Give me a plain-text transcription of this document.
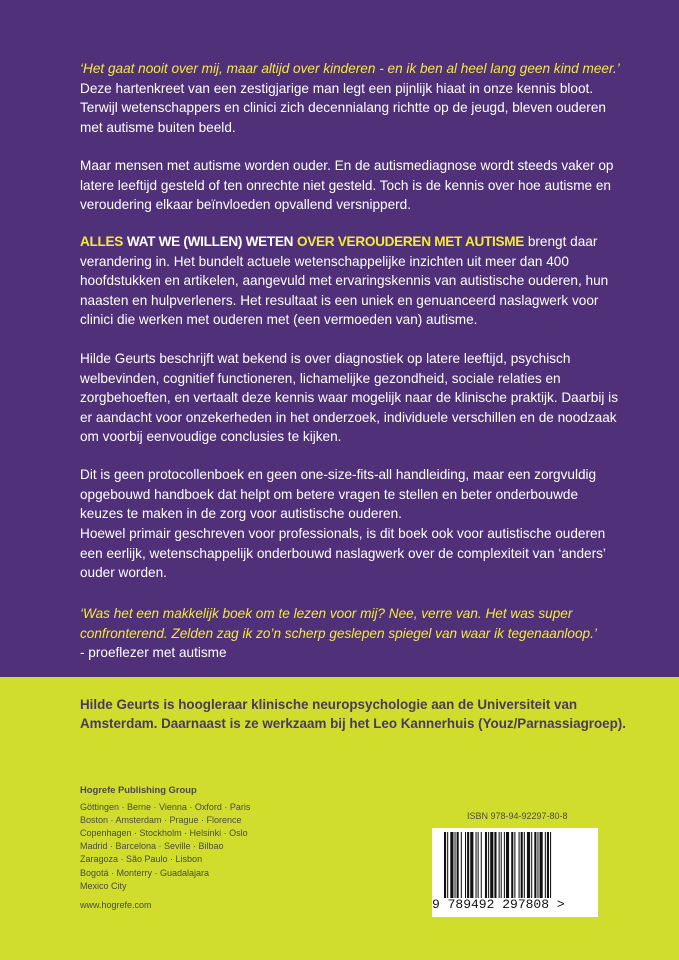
‘Het gaat nooit over mij, maar altijd over kinderen - en ik ben al heel lang geen kind meer.’
Deze hartenkreet van een zestigjarige man legt een pijnlijk hiaat in onze kennis bloot. Terwijl wetenschappers en clinici zich decennialang richtte op de jeugd, bleven ouderen met autisme buiten beeld.

Maar mensen met autisme worden ouder. En de autismediagnose wordt steeds vaker op latere leeftijd gesteld of ten onrechte niet gesteld. Toch is de kennis over hoe autisme en veroudering elkaar beïnvloeden opvallend versnipperd.

ALLES WAT WE (WILLEN) WETEN OVER VEROUDEREN MET AUTISME brengt daar verandering in. Het bundelt actuele wetenschappelijke inzichten uit meer dan 400 hoofdstukken en artikelen, aangevuld met ervaringskennis van autistische ouderen, hun naasten en hulpverleners. Het resultaat is een uniek en genuanceerd naslagwerk voor clinici die werken met ouderen met (een vermoeden van) autisme.

Hilde Geurts beschrijft wat bekend is over diagnostiek op latere leeftijd, psychisch welbevinden, cognitief functioneren, lichamelijke gezondheid, sociale relaties en zorgbehoeften, en vertaalt deze kennis waar mogelijk naar de klinische praktijk. Daarbij is er aandacht voor onzekerheden in het onderzoek, individuele verschillen en de noodzaak om voorbij eenvoudige conclusies te kijken.

Dit is geen protocollenboek en geen one-size-fits-all handleiding, maar een zorgvuldig opgebouwd handboek dat helpt om betere vragen te stellen en beter onderbouwde keuzes te maken in de zorg voor autistische ouderen.

Hoewel primair geschreven voor professionals, is dit boek ook voor autistische ouderen een eerlijk, wetenschappelijk onderbouwd naslagwerk over de complexiteit van ‘anders’ ouder worden.

‘Was het een makkelijk boek om te lezen voor mij? Nee, verre van. Het was super confronterend. Zelden zag ik zo’n scherp geslepen spiegel van waar ik tegenaanloop.’
- proeflezer met autisme

Hilde Geurts is hoogleraar klinische neuropsychologie aan de Universiteit van Amsterdam. Daarnaast is ze werkzaam bij het Leo Kannerhuis (Youz/Parnassiagroep).
Hogrefe Publishing Group
Göttingen · Berne · Vienna · Oxford · Paris
Boston · Amsterdam · Prague · Florence
Copenhagen · Stockholm · Helsinki · Oslo
Madrid · Barcelona · Seville · Bilbao
Zaragoza · São Paulo · Lisbon
Bogotá · Monterry · Guadalajara
Mexico City
www.hogrefe.com
ISBN 978-94-92297-80-8
9 789492 297808 >
